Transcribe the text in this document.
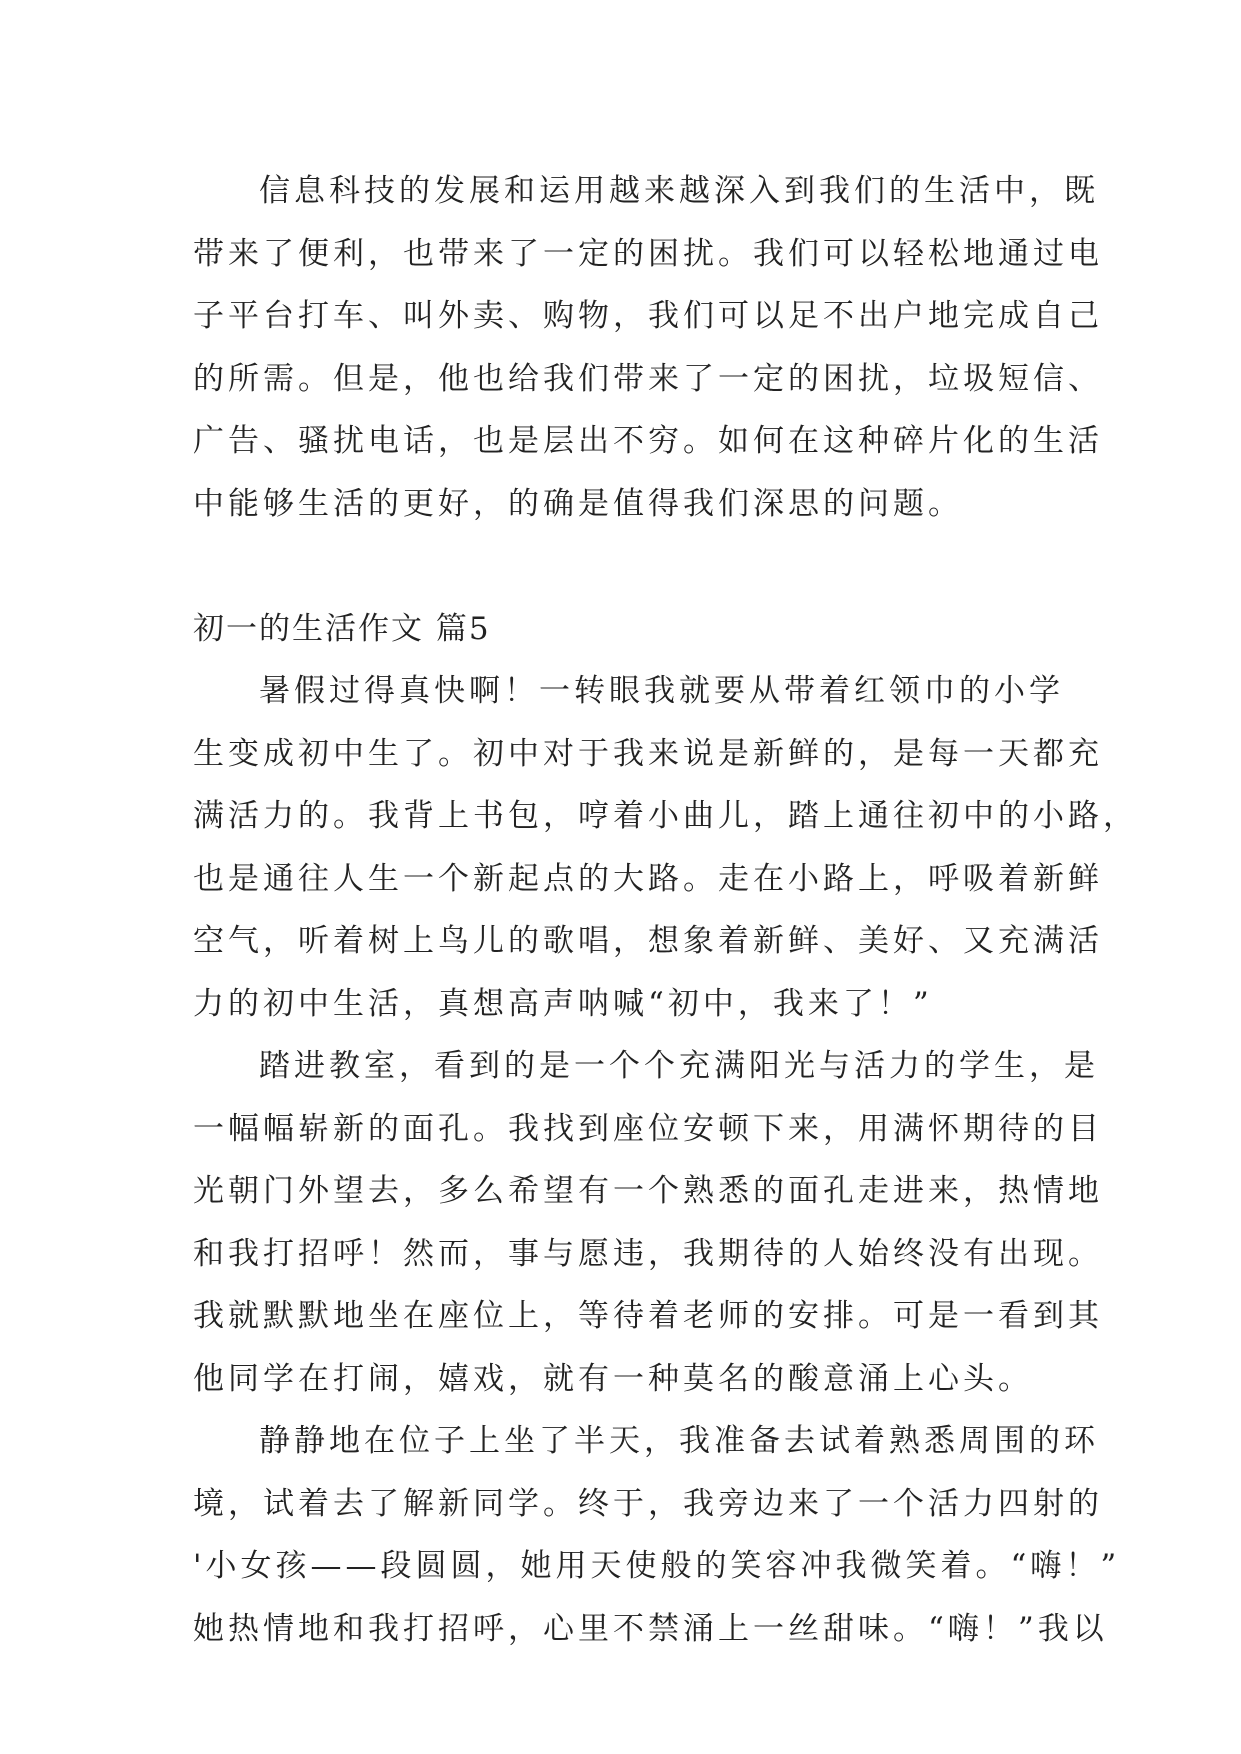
信息科技的发展和运用越来越深入到我们的生活中，既
带来了便利，也带来了一定的困扰。我们可以轻松地通过电
子平台打车、叫外卖、购物，我们可以足不出户地完成自己
的所需。但是，他也给我们带来了一定的困扰，垃圾短信、
广告、骚扰电话，也是层出不穷。如何在这种碎片化的生活
中能够生活的更好，的确是值得我们深思的问题。
初一的生活作文 篇5
暑假过得真快啊！一转眼我就要从带着红领巾的小学
生变成初中生了。初中对于我来说是新鲜的，是每一天都充
满活力的。我背上书包，哼着小曲儿，踏上通往初中的小路，
也是通往人生一个新起点的大路。走在小路上，呼吸着新鲜
空气，听着树上鸟儿的歌唱，想象着新鲜、美好、又充满活
力的初中生活，真想高声呐喊“初中，我来了！”
踏进教室，看到的是一个个充满阳光与活力的学生，是
一幅幅崭新的面孔。我找到座位安顿下来，用满怀期待的目
光朝门外望去，多么希望有一个熟悉的面孔走进来，热情地
和我打招呼！然而，事与愿违，我期待的人始终没有出现。
我就默默地坐在座位上，等待着老师的安排。可是一看到其
他同学在打闹，嬉戏，就有一种莫名的酸意涌上心头。
静静地在位子上坐了半天，我准备去试着熟悉周围的环
境，试着去了解新同学。终于，我旁边来了一个活力四射的
'小女孩——段圆圆，她用天使般的笑容冲我微笑着。“嗨！”
她热情地和我打招呼，心里不禁涌上一丝甜味。“嗨！”我以
